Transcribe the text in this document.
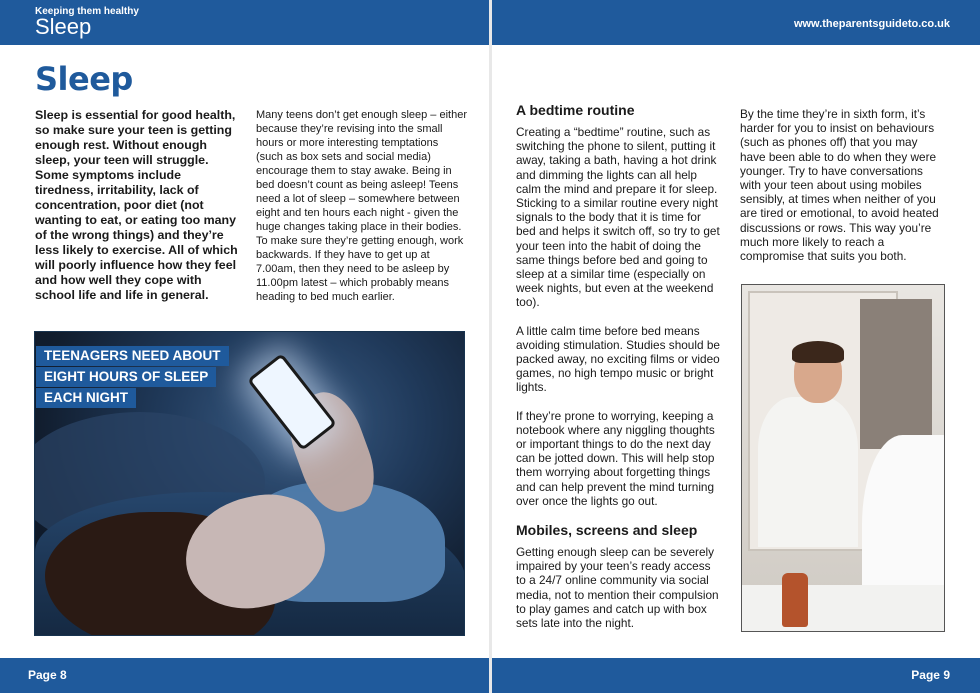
Keeping them healthy
Sleep	www.theparentsguideto.co.uk
Sleep

Sleep is essential for good health, so make sure your teen is getting enough rest. Without enough sleep, your teen will struggle. Some symptoms include tiredness, irritability, lack of concentration, poor diet (not wanting to eat, or eating too many of the wrong things) and they’re less likely to exercise. All of which will poorly influence how they feel and how well they cope with school life and life in general.

Many teens don’t get enough sleep – either because they’re revising into the small hours or more interesting temptations (such as box sets and social media) encourage them to stay awake. Being in bed doesn’t count as being asleep! Teens need a lot of sleep – somewhere between eight and ten hours each night - given the huge changes taking place in their bodies. To make sure they’re getting enough, work backwards. If they have to get up at 7.00am, then they need to be asleep by 11.00pm latest – which probably means heading to bed much earlier.

TEENAGERS NEED ABOUT
EIGHT HOURS OF SLEEP
EACH NIGHT
A bedtime routine

Creating a “bedtime” routine, such as switching the phone to silent, putting it away, taking a bath, having a hot drink and dimming the lights can all help calm the mind and prepare it for sleep. Sticking to a similar routine every night signals to the body that it is time for bed and helps it switch off, so try to get your teen into the habit of doing the same things before bed and going to sleep at a similar time (especially on week nights, but even at the weekend too).

A little calm time before bed means avoiding stimulation. Studies should be packed away, no exciting films or video games, no high tempo music or bright lights.

If they’re prone to worrying, keeping a notebook where any niggling thoughts or important things to do the next day can be jotted down. This will help stop them worrying about forgetting things and can help prevent the mind turning over once the lights go out.

Mobiles, screens and sleep

Getting enough sleep can be severely impaired by your teen’s ready access to a 24/7 online community via social media, not to mention their compulsion to play games and catch up with box sets late into the night.

By the time they’re in sixth form, it’s harder for you to insist on behaviours (such as phones off) that you may have been able to do when they were younger. Try to have conversations with your teen about using mobiles sensibly, at times when neither of you are tired or emotional, to avoid heated discussions or rows. This way you’re much more likely to reach a compromise that suits you both.

Page 8	Page 9
